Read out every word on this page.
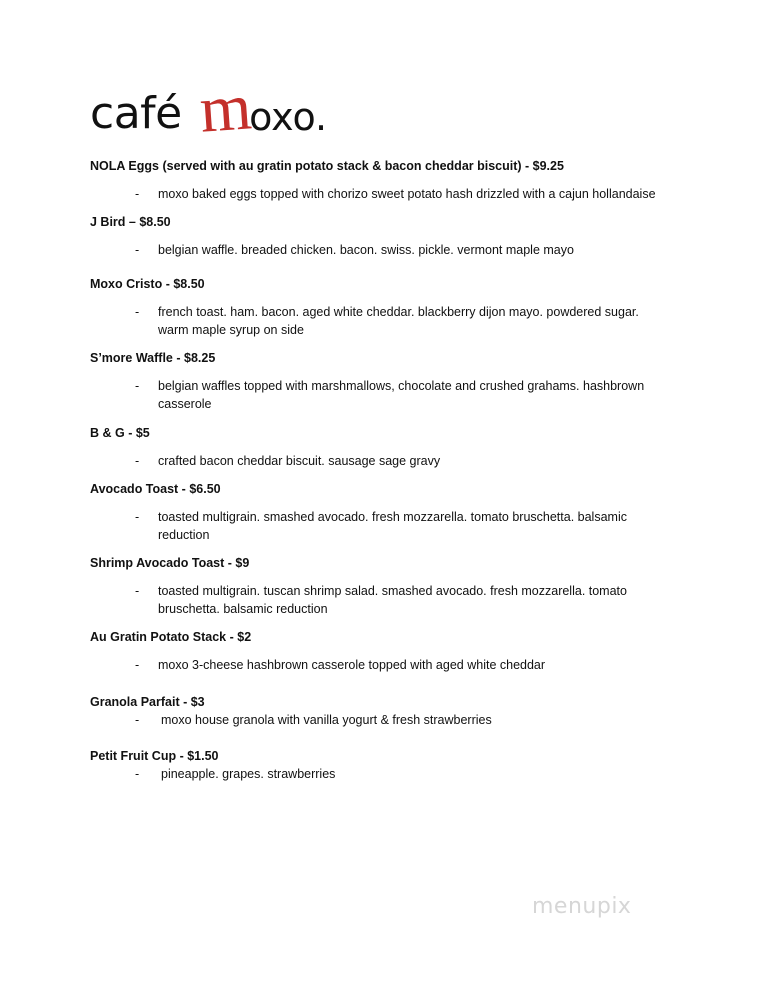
café m
oxo.
NOLA Eggs (served with au gratin potato stack & bacon cheddar biscuit) - $9.25
-	moxo baked eggs topped with chorizo sweet potato hash drizzled with a cajun hollandaise
J Bird – $8.50
-	belgian waffle. breaded chicken. bacon. swiss. pickle. vermont maple mayo
Moxo Cristo - $8.50
-	french toast. ham. bacon. aged white cheddar. blackberry dijon mayo. powdered sugar. warm maple syrup on side
S’more Waffle - $8.25
-	belgian waffles topped with marshmallows, chocolate and crushed grahams. hashbrown casserole
B & G - $5
-	crafted bacon cheddar biscuit. sausage sage gravy
Avocado Toast - $6.50
-	toasted multigrain. smashed avocado. fresh mozzarella. tomato bruschetta. balsamic reduction
Shrimp Avocado Toast - $9
-	toasted multigrain. tuscan shrimp salad. smashed avocado. fresh mozzarella. tomato bruschetta. balsamic reduction
Au Gratin Potato Stack - $2
-	moxo 3-cheese hashbrown casserole topped with aged white cheddar
Granola Parfait - $3
-	moxo house granola with vanilla yogurt & fresh strawberries
Petit Fruit Cup - $1.50
-	pineapple. grapes. strawberries
menupix
